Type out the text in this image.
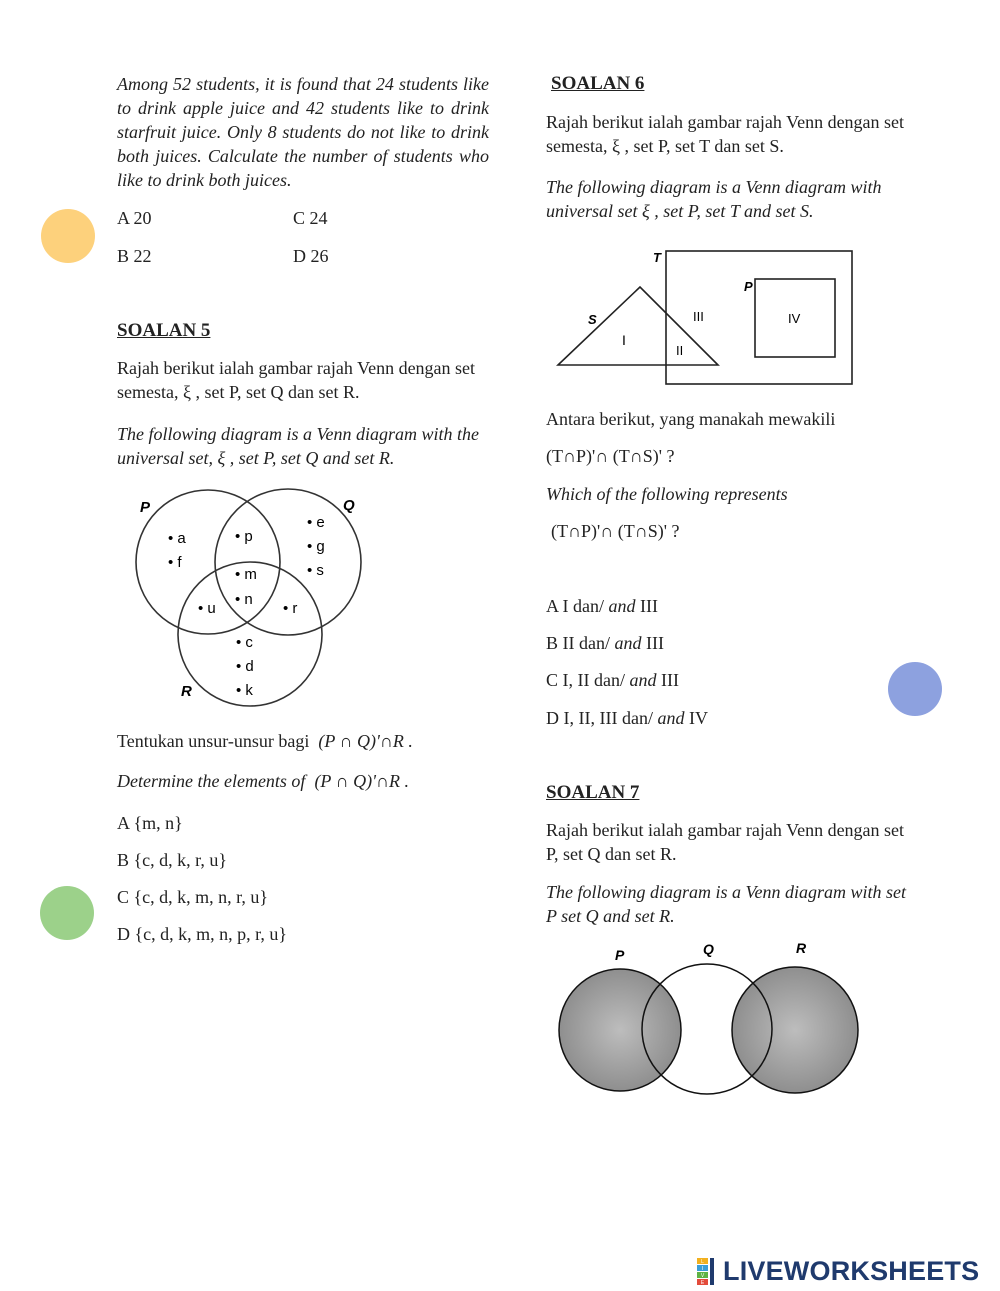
Among 52 students, it is found that 24 students like to drink apple juice and 42 students like to drink starfruit juice. Only 8 students do not like to drink both juices. Calculate the number of students who like to drink both juices.
A 20	C 24
B 22	D 26
SOALAN 5
Rajah berikut ialah gambar rajah Venn dengan set semesta, ξ , set P, set Q dan set R.
The following diagram is a Venn diagram with the universal set, ξ , set P, set Q and set R.
P	Q
R
• a
• f
• p
• e
• g
• s
• m
• n
• u	• r
• c
• d
• k
Tentukan unsur-unsur bagi (P ∩ Q)'∩R .
Determine the elements of (P ∩ Q)'∩R .
A {m, n}
B {c, d, k, r, u}
C {c, d, k, m, n, r, u}
D {c, d, k, m, n, p, r, u}
SOALAN 6
Rajah berikut ialah gambar rajah Venn dengan set semesta, ξ , set P, set T dan set S.
The following diagram is a Venn diagram with universal set ξ , set P, set T and set S.
T
P
S
I
II
III	IV
Antara berikut, yang manakah mewakili
(T∩P)'∩ (T∩S)' ?
Which of the following represents
(T∩P)'∩ (T∩S)' ?
A I dan/ and III
B II dan/ and III
C I, II dan/ and III
D I, II, III dan/ and IV
SOALAN 7
Rajah berikut ialah gambar rajah Venn dengan set P, set Q dan set R.
The following diagram is a Venn diagram with set P set Q and set R.
P	Q	R
L
I
V
E LIVEWORKSHEETS
